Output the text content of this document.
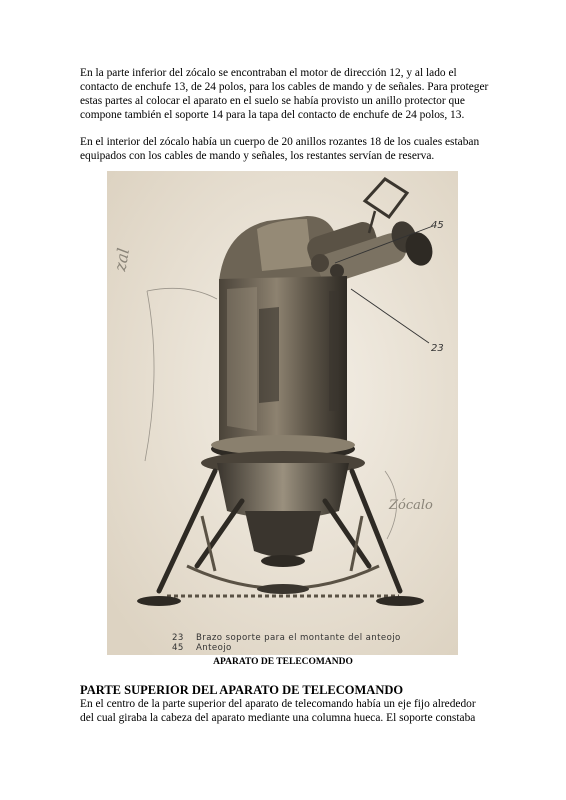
En la parte inferior del zócalo se encontraban el motor de dirección 12, y al lado el contacto de enchufe 13, de 24 polos, para los cables de mando y de señales. Para proteger estas partes al colocar el aparato en el suelo se había provisto un anillo protector que compone también el soporte 14 para la tapa del contacto de enchufe de 24 polos, 13.

En el interior del zócalo había un cuerpo de 20 anillos rozantes 18 de los cuales estaban equipados con los cables de mando y señales, los restantes servían de reserva.

45
23
zal
Zócalo
23 Brazo soporte para el montante del anteojo
45 Anteojo
APARATO DE TELECOMANDO
PARTE SUPERIOR DEL APARATO DE TELECOMANDO

En el centro de la parte superior del aparato de telecomando había un eje fijo alrededor del cual giraba la cabeza del aparato mediante una columna hueca. El soporte constaba
